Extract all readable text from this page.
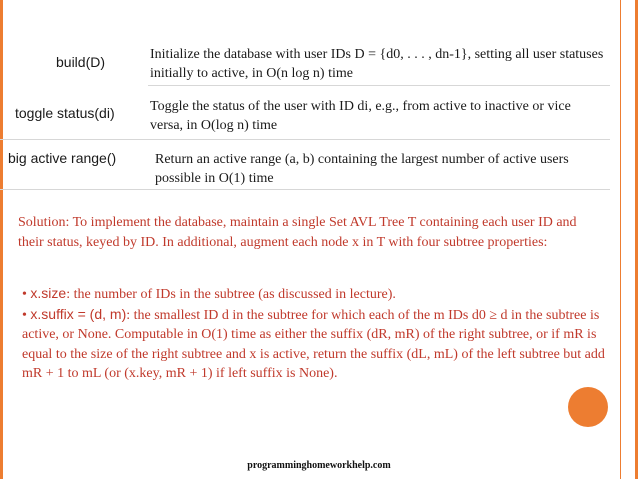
build(D)	Initialize the database with user IDs D = {d0, . . . , dn-1}, setting all user statuses initially to active, in O(n log n) time
toggle status(di)	Toggle the status of the user with ID di, e.g., from active to inactive or vice versa, in O(log n) time
big active range()	Return an active range (a, b) containing the largest number of active users possible in O(1) time
Solution: To implement the database, maintain a single Set AVL Tree T containing each user ID and their status, keyed by ID. In additional, augment each node x in T with four subtree properties:
• x.size: the number of IDs in the subtree (as discussed in lecture).
• x.suffix = (d, m): the smallest ID d in the subtree for which each of the m IDs d0 ≥ d in the subtree is active, or None. Computable in O(1) time as either the suffix (dR, mR) of the right subtree, or if mR is equal to the size of the right subtree and x is active, return the suffix (dL, mL) of the left subtree but add mR + 1 to mL (or (x.key, mR + 1) if left suffix is None).
programminghomeworkhelp.com
